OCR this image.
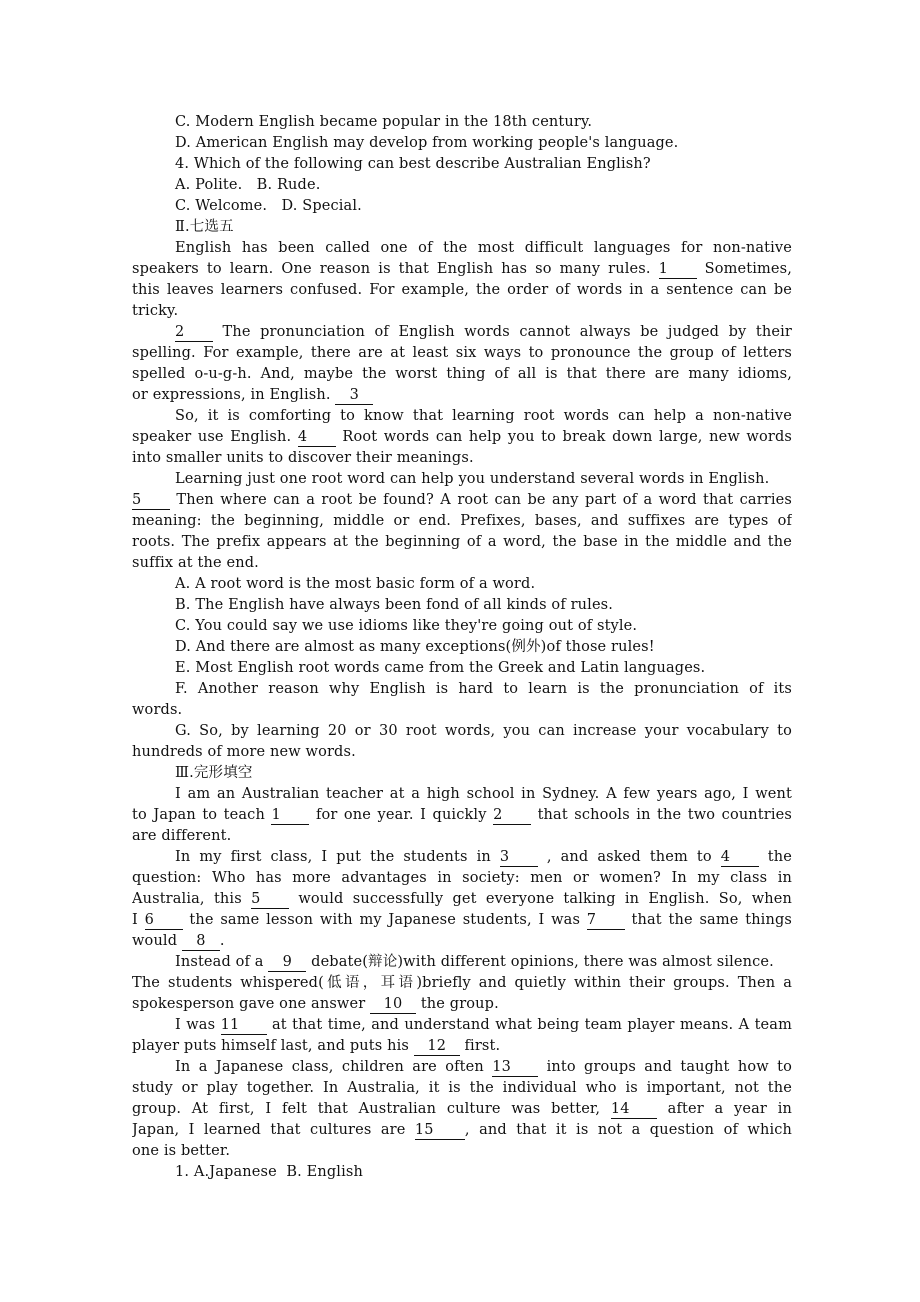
C. Modern English became popular in the 18th century.
D. American English may develop from working people's language.
4. Which of the following can best describe Australian English?
A. Polite.   B. Rude.
C. Welcome.   D. Special.
Ⅱ.七选五
English has been called one of the most difficult languages for non-native
speakers to learn. One reason is that English has so many rules. 1	Sometimes,
this leaves learners confused. For example, the order of words in a sentence can be
tricky.
2	The pronunciation of English words cannot always be judged by their
spelling. For example, there are at least six ways to pronounce the group of letters
spelled o-u-g-h. And, maybe the worst thing of all is that there are many idioms,
or expressions, in English. 3
So, it is comforting to know that learning root words can help a non-native
speaker use English. 4 Root words can help you to break down large, new words
into smaller units to discover their meanings.
Learning just one root word can help you understand several words in English.
5 Then where can a root be found? A root can be any part of a word that carries
meaning: the beginning, middle or end. Prefixes, bases, and suffixes are types of
roots. The prefix appears at the beginning of a word, the base in the middle and the
suffix at the end.
A. A root word is the most basic form of a word.
B. The English have always been fond of all kinds of rules.
C. You could say we use idioms like they're going out of style.
D. And there are almost as many exceptions(例外)of those rules!
E. Most English root words came from the Greek and Latin languages.
F. Another reason why English is hard to learn is the pronunciation of its
words.
G. So, by learning 20 or 30 root words, you can increase your vocabulary to
hundreds of more new words.
Ⅲ.完形填空
I am an Australian teacher at a high school in Sydney. A few years ago, I went
to Japan to teach 1 for one year. I quickly 2 that schools in the two countries
are different.
In my first class, I put the students in 3	, and asked them to 4	the
question: Who has more advantages in society: men or women? In my class in
Australia, this 5	would successfully get everyone talking in English. So, when
I 6 the same lesson with my Japanese students, I was 7 that the same things
would 8 .
Instead of a 9 debate(辩论)with different opinions, there was almost silence.
The students whispered(低语，耳语)briefly and quietly within their groups. Then a
spokesperson gave one answer 10 the group.
I was 11 at that time, and understand what being team player means. A team
player puts himself last, and puts his 12 first.
In a Japanese class, children are often 13 into groups and taught how to
study or play together. In Australia, it is the individual who is important, not the
group. At first, I felt that Australian culture was better, 14	after a year in
Japan, I learned that cultures are 15 , and that it is not a question of which
one is better.
1. A.Japanese  B. English
